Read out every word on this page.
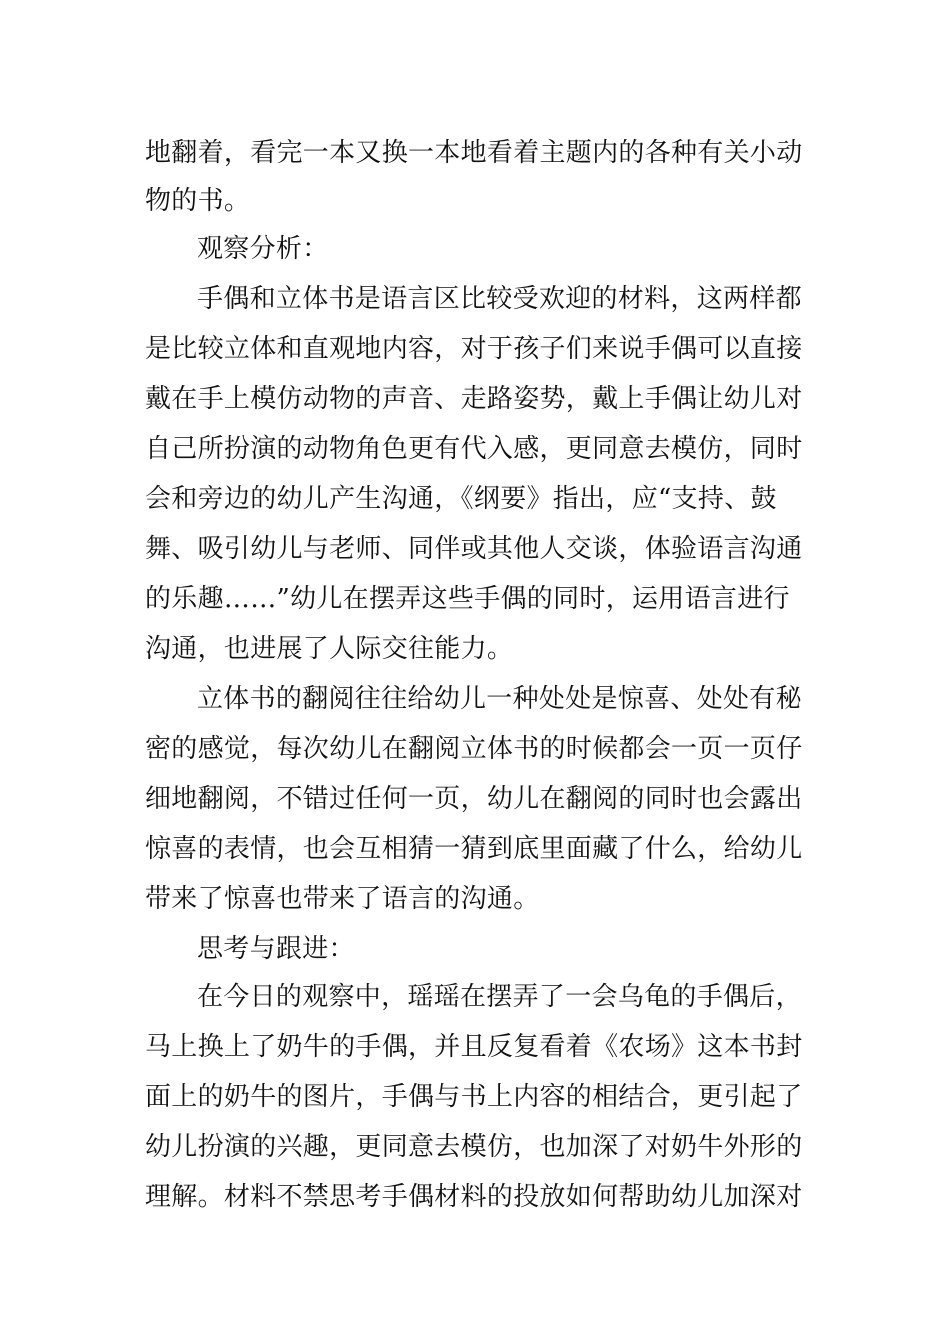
地翻着，看完一本又换一本地看着主题内的各种有关小动
物的书。
观察分析：
手偶和立体书是语言区比较受欢迎的材料，这两样都
是比较立体和直观地内容，对于孩子们来说手偶可以直接
戴在手上模仿动物的声音、走路姿势，戴上手偶让幼儿对
自己所扮演的动物角色更有代入感，更同意去模仿，同时
会和旁边的幼儿产生沟通，《纲要》指出，应“支持、鼓
舞、吸引幼儿与老师、同伴或其他人交谈，体验语言沟通
的乐趣……”幼儿在摆弄这些手偶的同时，运用语言进行
沟通，也进展了人际交往能力。
立体书的翻阅往往给幼儿一种处处是惊喜、处处有秘
密的感觉，每次幼儿在翻阅立体书的时候都会一页一页仔
细地翻阅，不错过任何一页，幼儿在翻阅的同时也会露出
惊喜的表情，也会互相猜一猜到底里面藏了什么，给幼儿
带来了惊喜也带来了语言的沟通。
思考与跟进：
在今日的观察中，瑶瑶在摆弄了一会乌龟的手偶后，
马上换上了奶牛的手偶，并且反复看着《农场》这本书封
面上的奶牛的图片，手偶与书上内容的相结合，更引起了
幼儿扮演的兴趣，更同意去模仿，也加深了对奶牛外形的
理解。材料不禁思考手偶材料的投放如何帮助幼儿加深对
